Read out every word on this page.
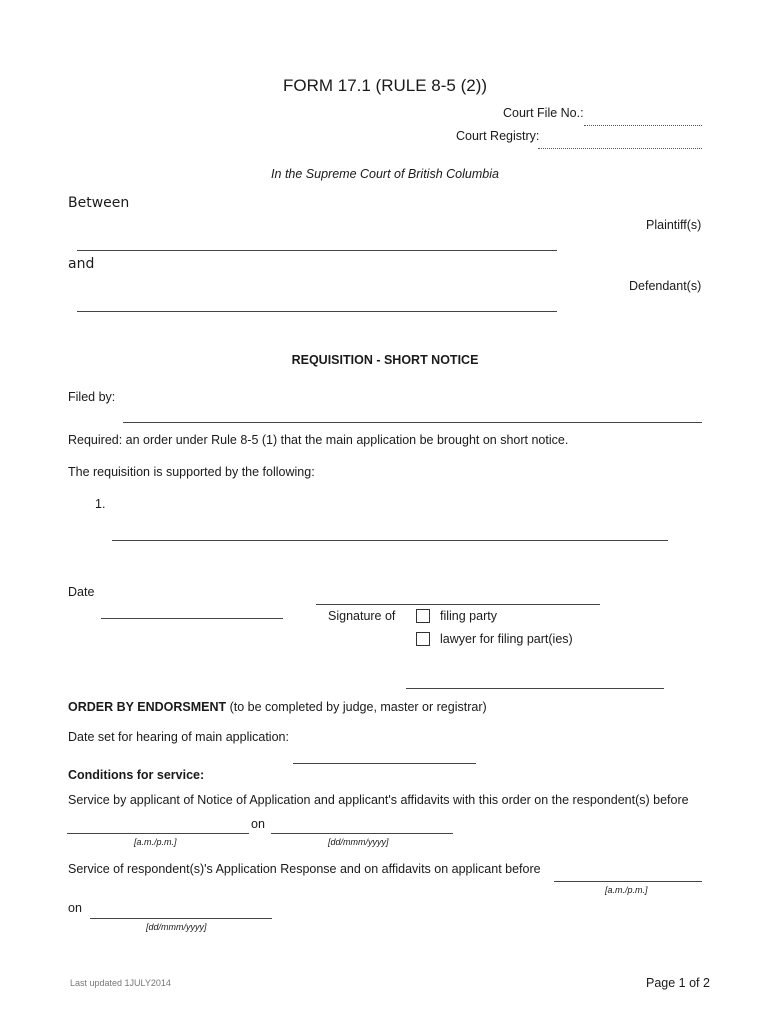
FORM 17.1 (RULE 8-5 (2))
Court File No.:
Court Registry:
In the Supreme Court of British Columbia
Between
Plaintiff(s)
and
Defendant(s)
REQUISITION - SHORT NOTICE
Filed by:
Required: an order under Rule 8-5 (1) that the main application be brought on short notice.
The requisition is supported by the following:
1.
Date
Signature of	filing party
lawyer for filing part(ies)
ORDER BY ENDORSMENT (to be completed by judge, master or registrar)
Date set for hearing of main application:
Conditions for service:
Service by applicant of Notice of Application and applicant's affidavits with this order on the respondent(s) before
on
[a.m./p.m.]	[dd/mmm/yyyy]
Service of respondent(s)'s Application Response and on affidavits on applicant before
[a.m./p.m.]
on
[dd/mmm/yyyy]
Last updated 1JULY2014	Page 1 of 2
